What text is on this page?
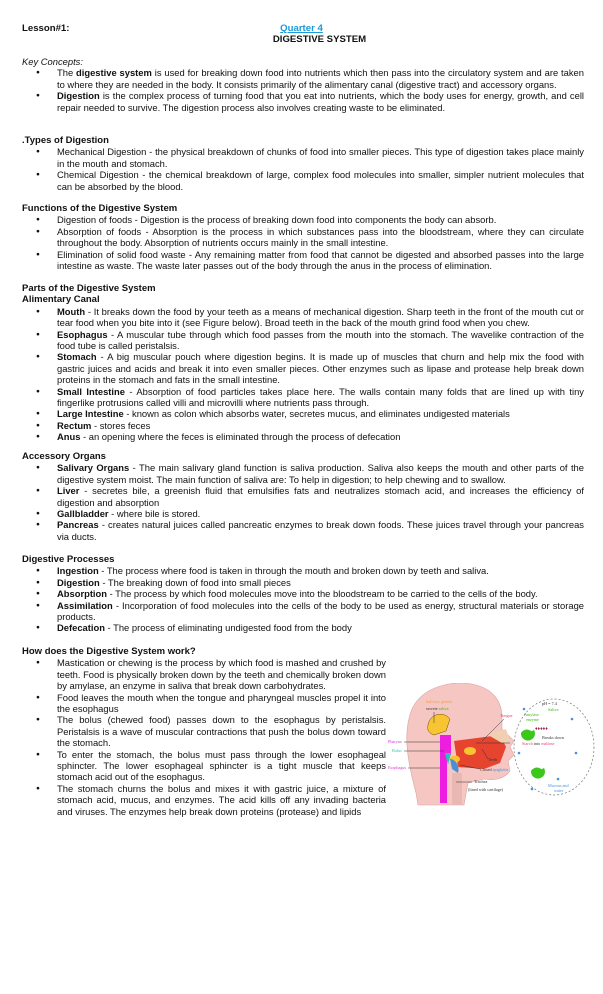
Lesson#1:	Quarter 4
DIGESTIVE SYSTEM
Key Concepts:
● The digestive system is used for breaking down food into nutrients which then pass into the circulatory system and are taken to where they are needed in the body. It consists primarily of the alimentary canal (digestive tract) and accessory organs.
● Digestion is the complex process of turning food that you eat into nutrients, which the body uses for energy, growth, and cell repair needed to survive. The digestion process also involves creating waste to be eliminated.
.Types of Digestion
● Mechanical Digestion - the physical breakdown of chunks of food into smaller pieces. This type of digestion takes place mainly in the mouth and stomach.
● Chemical Digestion - the chemical breakdown of large, complex food molecules into smaller, simpler nutrient molecules that can be absorbed by the blood.
Functions of the Digestive System
● Digestion of foods - Digestion is the process of breaking down food into components the body can absorb.
● Absorption of foods - Absorption is the process in which substances pass into the bloodstream, where they can circulate throughout the body. Absorption of nutrients occurs mainly in the small intestine.
● Elimination of solid food waste - Any remaining matter from food that cannot be digested and absorbed passes into the large intestine as waste. The waste later passes out of the body through the anus in the process of elimination.
Parts of the Digestive System
Alimentary Canal
● Mouth - It breaks down the food by your teeth as a means of mechanical digestion. Sharp teeth in the front of the mouth cut or tear food when you bite into it (see Figure below). Broad teeth in the back of the mouth grind food when you chew.
● Esophagus - A muscular tube through which food passes from the mouth into the stomach. The wavelike contraction of the food tube is called peristalsis.
● Stomach - A big muscular pouch where digestion begins. It is made up of muscles that churn and help mix the food with gastric juices and acids and break it into even smaller pieces. Other enzymes such as lipase and protease help break down proteins in the stomach and fats in the small intestine.
● Small Intestine - Absorption of food particles takes place here. The walls contain many folds that are lined up with tiny fingerlike protrusions called villi and microvilli where nutrients pass through.
● Large Intestine - known as colon which absorbs water, secretes mucus, and eliminates undigested materials
● Rectum - stores feces
● Anus - an opening where the feces is eliminated through the process of defecation
Accessory Organs
● Salivary Organs - The main salivary gland function is saliva production. Saliva also keeps the mouth and other parts of the digestive system moist. The main function of saliva are: To help in digestion; to help chewing and to swallow.
● Liver - secretes bile, a greenish fluid that emulsifies fats and neutralizes stomach acid, and increases the efficiency of digestion and absorption
● Gallbladder - where bile is stored.
● Pancreas - creates natural juices called pancreatic enzymes to break down foods. These juices travel through your pancreas via ducts.
Digestive Processes
● Ingestion - The process where food is taken in through the mouth and broken down by teeth and saliva.
● Digestion - The breaking down of food into small pieces
● Absorption - The process by which food molecules move into the bloodstream to be carried to the cells of the body.
● Assimilation - Incorporation of food molecules into the cells of the body to be used as energy, structural materials or storage products.
● Defecation - The process of eliminating undigested food from the body
How does the Digestive System work?
● Mastication or chewing is the process by which food is mashed and crushed by teeth. Food is physically broken down by the teeth and chemically broken down by amylase, an enzyme in saliva that break down carbohydrates.
● Food leaves the mouth when the tongue and pharyngeal muscles propel it into the esophagus
● The bolus (chewed food) passes down to the esophagus by peristalsis. Peristalsis is a wave of muscular contractions that push the bolus down toward the stomach.
● To enter the stomach, the bolus must pass through the lower esophageal sphincter. The lower esophageal sphincter is a tight muscle that keeps stomach acid out of the esophagus.
● The stomach churns the bolus and mixes it with gastric juice, a mixture of stomach acid, mucus, and enzymes. The acid kills off any invading bacteria and viruses. The enzymes help break down proteins (protease) and lipids
Salivary glands
secrete saliva
Tongue
Pharynx
Bolus
Esophagus
Teeth
Closed epiglottis
Trachea
(lined with cartilage)
pH = 7.4
Saliva
Amylase
enzyme
♦♦♦♦♦
Breaks down
Starch into maltose
Mucous and
water
